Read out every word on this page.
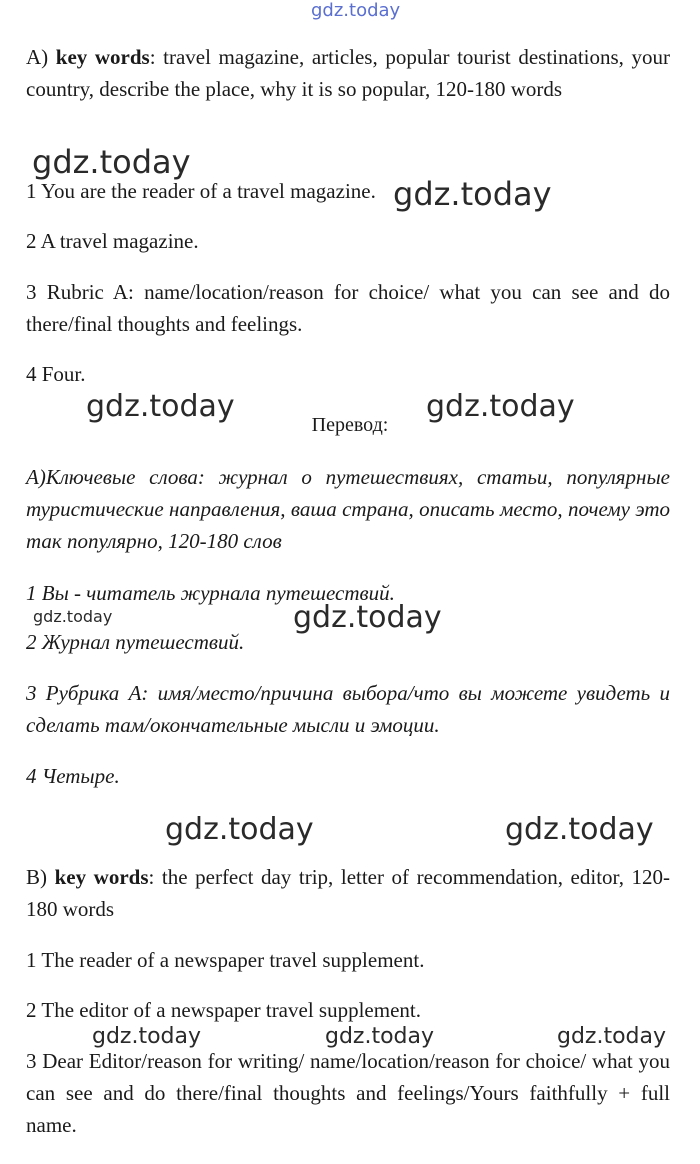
gdz.today
gdz.today
gdz.today
gdz.today	gdz.today
gdz.today	gdz.today
gdz.today	gdz.today
gdz.today	gdz.today	gdz.today

A) key words: travel magazine, articles, popular tourist destinations, your country, describe the place, why it is so popular, 120-180 words

1 You are the reader of a travel magazine.

2 A travel magazine.

3 Rubric A: name/location/reason for choice/ what you can see and do there/final thoughts and feelings.

4 Four.

Перевод:

А)Ключевые слова: журнал о путешествиях, статьи, популярные туристические направления, ваша страна, описать место, почему это так популярно, 120-180 слов

1 Вы - читатель журнала путешествий.

2 Журнал путешествий.

3 Рубрика А: имя/место/причина выбора/что вы можете увидеть и сделать там/окончательные мысли и эмоции.

4 Четыре.

B) key words: the perfect day trip, letter of recommendation, editor, 120-180 words

1 The reader of a newspaper travel supplement.

2 The editor of a newspaper travel supplement.

3 Dear Editor/reason for writing/ name/location/reason for choice/ what you can see and do there/final thoughts and feelings/Yours faithfully + full name.
